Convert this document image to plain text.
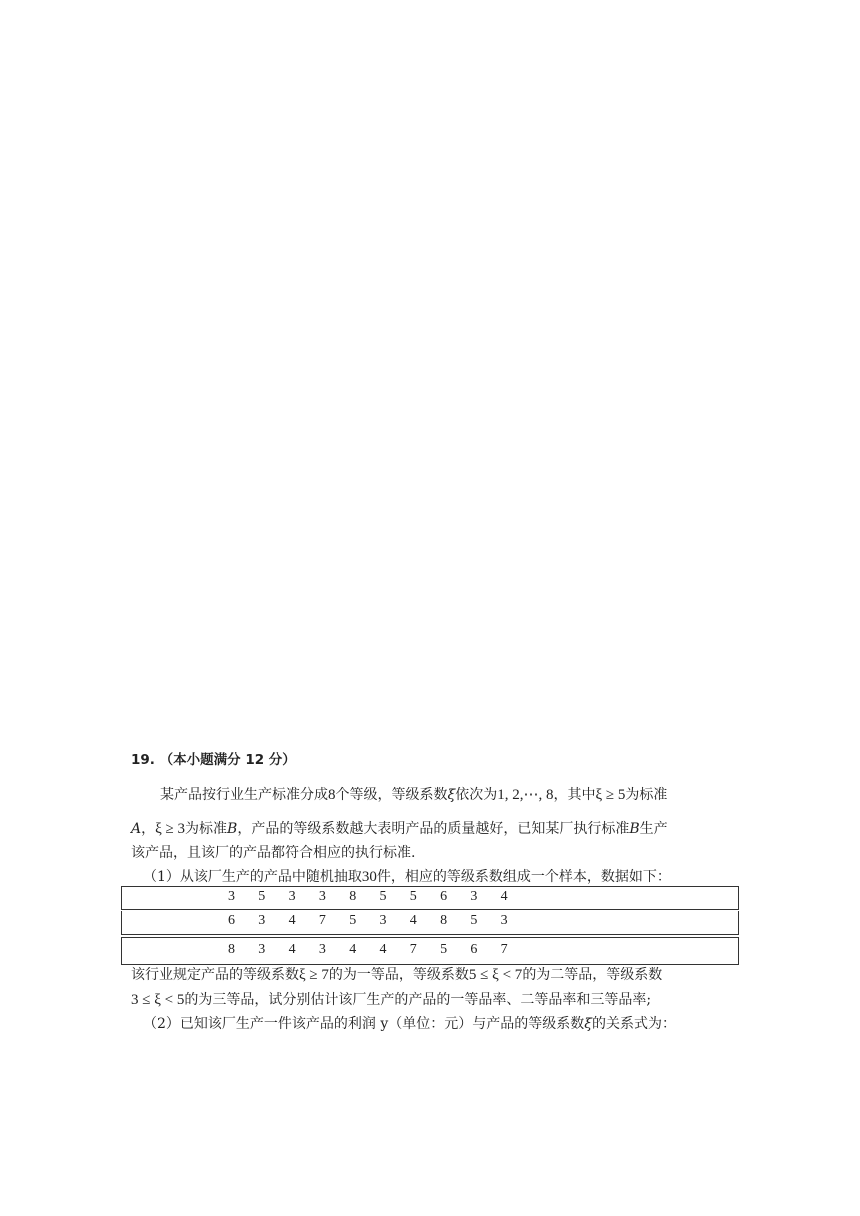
19. （本小题满分 12 分）
某产品按行业生产标准分成8个等级，等级系数ξ依次为1, 2,⋯, 8，其中ξ ≥ 5为标准
A，ξ ≥ 3为标准B，产品的等级系数越大表明产品的质量越好，已知某厂执行标准B生产
该产品，且该厂的产品都符合相应的执行标准.
（1）从该厂生产的产品中随机抽取30件，相应的等级系数组成一个样本，数据如下：
3 5 3 3 8 5 5 6 3 4
6 3 4 7 5 3 4 8 5 3
8 3 4 3 4 4 7 5 6 7
该行业规定产品的等级系数ξ ≥ 7的为一等品，等级系数5 ≤ ξ < 7的为二等品，等级系数
3 ≤ ξ < 5的为三等品，试分别估计该厂生产的产品的一等品率、二等品率和三等品率;
（2）已知该厂生产一件该产品的利润 y（单位：元）与产品的等级系数ξ的关系式为：
